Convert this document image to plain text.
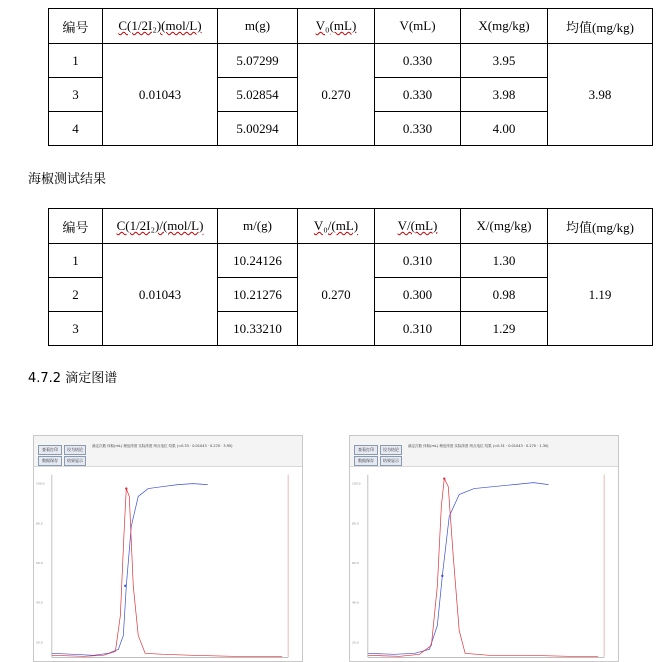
编号	C(1/2I₂)(mol/L)	m(g)	V₀(mL)	V(mL)	X(mg/kg)	均值(mg/kg)
1	0.01043	5.07299	0.270	0.330	3.95	3.98
3		5.02854		0.330	3.98	
4		5.00294		0.330	4.00	
海椒测试结果
编号	C(1/2I₂)/(mol/L)	m/(g)	V₀/(mL)	V/(mL)	X/(mg/kg)	均值(mg/kg)
1	0.01043	10.24126	0.270	0.310	1.30	1.19
2		10.21276		0.300	0.98	
3		10.33210		0.310	1.29	
4.7.2 滴定图谱
查看打印	设为结论
数据保存	结果显示
滴定次数 体积(mL) 理论浓度 实际浓度 终点电位 结果 (≈0.33 · 0.01043 · 0.270 · 3.95)
100.0
80.0
60.0
40.0
20.0
查看打印	设为结论
数据保存	结果显示
滴定次数 体积(mL) 理论浓度 实际浓度 终点电位 结果 (≈0.31 · 0.01043 · 0.270 · 1.30)
100.0
80.0
60.0
40.0
20.0
